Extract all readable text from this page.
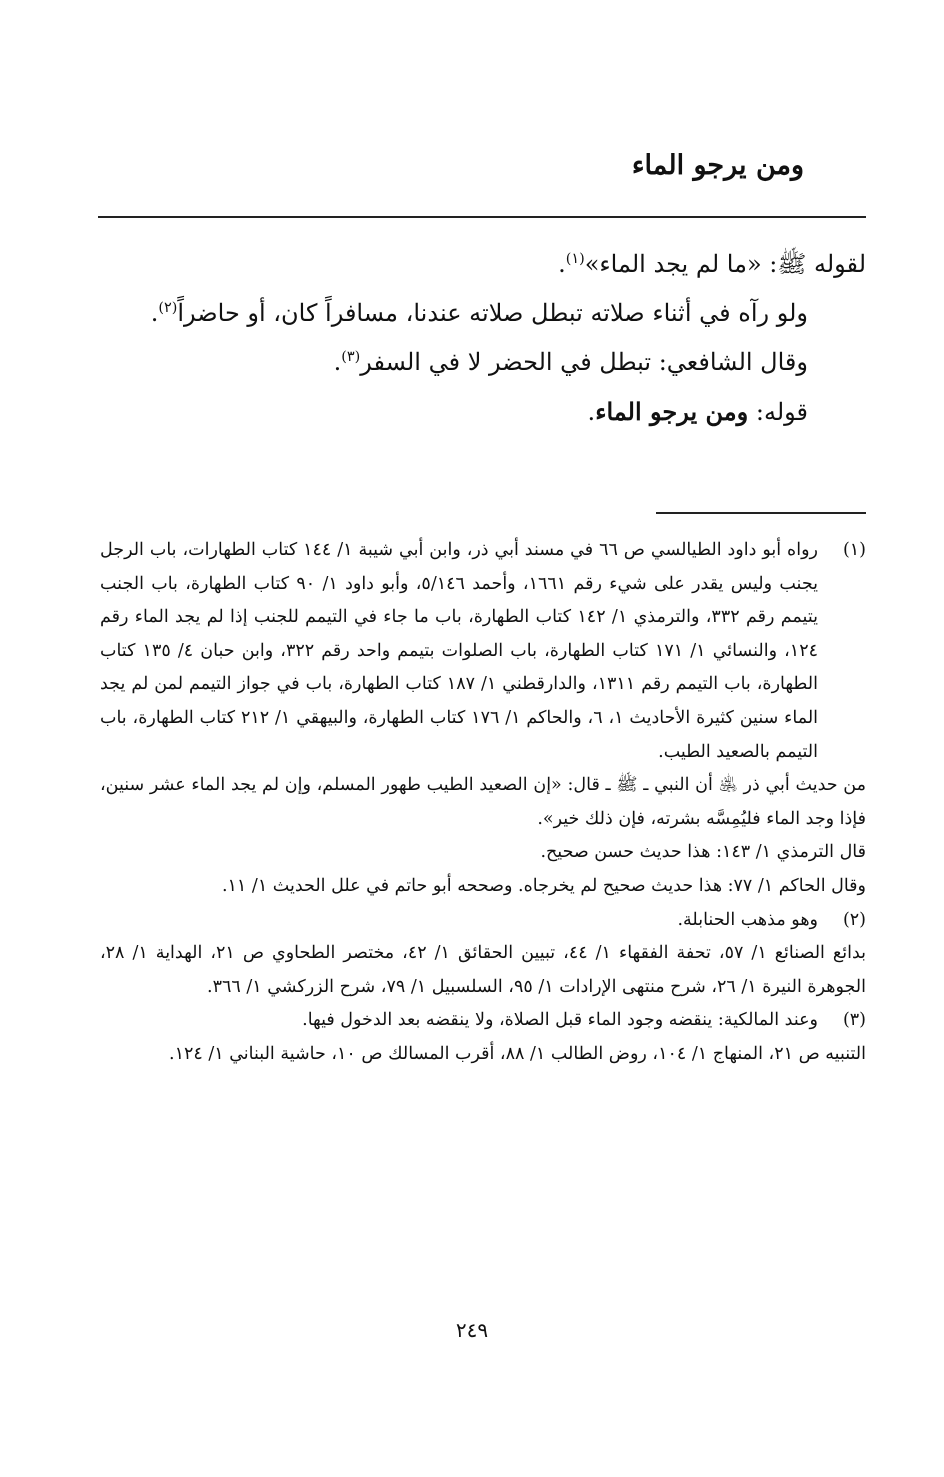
ومن يرجو الماء
لقوله ﷺ: «ما لم يجد الماء»$^{(١)}$.
ولو رآه في أثناء صلاته تبطل صلاته عندنا، مسافراً كان، أو حاضراً$^{(٢)}$.
وقال الشافعي: تبطل في الحضر لا في السفر$^{(٣)}$.
قوله: ومن يرجو الماء.
(١)
رواه أبو داود الطيالسي ص ٦٦ في مسند أبي ذر، وابن أبي شيبة ١/ ١٤٤ كتاب الطهارات، باب الرجل يجنب وليس يقدر على شيء رقم ١٦٦١، وأحمد ٥/١٤٦، وأبو داود ١/ ٩٠ كتاب الطهارة، باب الجنب يتيمم رقم ٣٣٢، والترمذي ١/ ١٤٢ كتاب الطهارة، باب ما جاء في التيمم للجنب إذا لم يجد الماء رقم ١٢٤، والنسائي ١/ ١٧١ كتاب الطهارة، باب الصلوات بتيمم واحد رقم ٣٢٢، وابن حبان ٤/ ١٣٥ كتاب الطهارة، باب التيمم رقم ١٣١١، والدارقطني ١/ ١٨٧ كتاب الطهارة، باب في جواز التيمم لمن لم يجد الماء سنين كثيرة الأحاديث ١، ٦، والحاكم ١/ ١٧٦ كتاب الطهارة، والبيهقي ١/ ٢١٢ كتاب الطهارة، باب التيمم بالصعيد الطيب.
من حديث أبي ذر ﵁ أن النبي ـ ﷺ ـ قال: «إن الصعيد الطيب طهور المسلم، وإن لم يجد الماء عشر سنين، فإذا وجد الماء فليُمِسَّه بشرته، فإن ذلك خير».
قال الترمذي ١/ ١٤٣: هذا حديث حسن صحيح.
وقال الحاكم ١/ ٧٧: هذا حديث صحيح لم يخرجاه. وصححه أبو حاتم في علل الحديث ١/ ١١.
(٢)
وهو مذهب الحنابلة.
بدائع الصنائع ١/ ٥٧، تحفة الفقهاء ١/ ٤٤، تبيين الحقائق ١/ ٤٢، مختصر الطحاوي ص ٢١، الهداية ١/ ٢٨، الجوهرة النيرة ١/ ٢٦، شرح منتهى الإرادات ١/ ٩٥، السلسبيل ١/ ٧٩، شرح الزركشي ١/ ٣٦٦.
(٣)
وعند المالكية: ينقضه وجود الماء قبل الصلاة، ولا ينقضه بعد الدخول فيها.
التنبيه ص ٢١، المنهاج ١/ ١٠٤، روض الطالب ١/ ٨٨، أقرب المسالك ص ١٠، حاشية البناني ١/ ١٢٤.
٢٤٩
